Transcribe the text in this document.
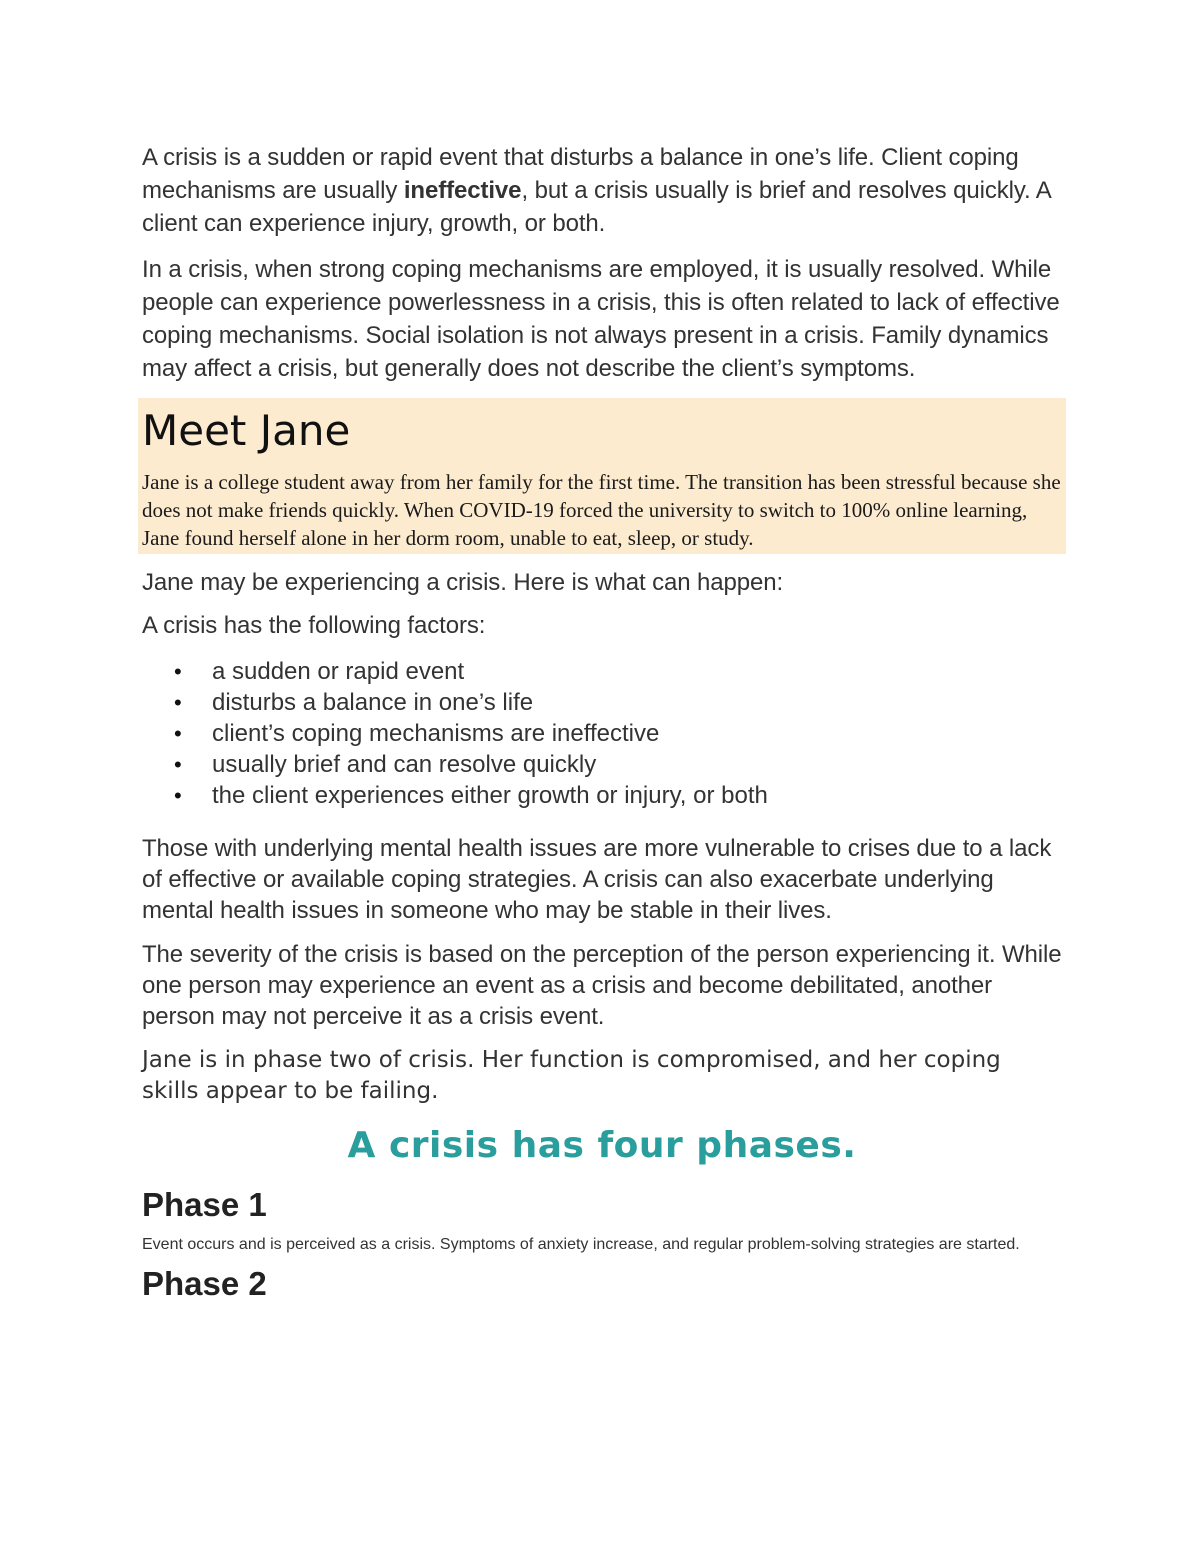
A crisis is a sudden or rapid event that disturbs a balance in one’s life. Client coping mechanisms are usually ineffective, but a crisis usually is brief and resolves quickly. A client can experience injury, growth, or both.

In a crisis, when strong coping mechanisms are employed, it is usually resolved. While people can experience powerlessness in a crisis, this is often related to lack of effective coping mechanisms. Social isolation is not always present in a crisis. Family dynamics may affect a crisis, but generally does not describe the client’s symptoms.

Meet Jane

Jane is a college student away from her family for the first time. The transition has been stressful because she does not make friends quickly. When COVID-19 forced the university to switch to 100% online learning, Jane found herself alone in her dorm room, unable to eat, sleep, or study.

Jane may be experiencing a crisis. Here is what can happen:

A crisis has the following factors:

• a sudden or rapid event
• disturbs a balance in one’s life
• client’s coping mechanisms are ineffective
• usually brief and can resolve quickly
• the client experiences either growth or injury, or both

Those with underlying mental health issues are more vulnerable to crises due to a lack of effective or available coping strategies. A crisis can also exacerbate underlying mental health issues in someone who may be stable in their lives.

The severity of the crisis is based on the perception of the person experiencing it. While one person may experience an event as a crisis and become debilitated, another person may not perceive it as a crisis event.

Jane is in phase two of crisis. Her function is compromised, and her coping skills appear to be failing.

A crisis has four phases.
Phase 1

Event occurs and is perceived as a crisis. Symptoms of anxiety increase, and regular problem-solving strategies are started.

Phase 2
